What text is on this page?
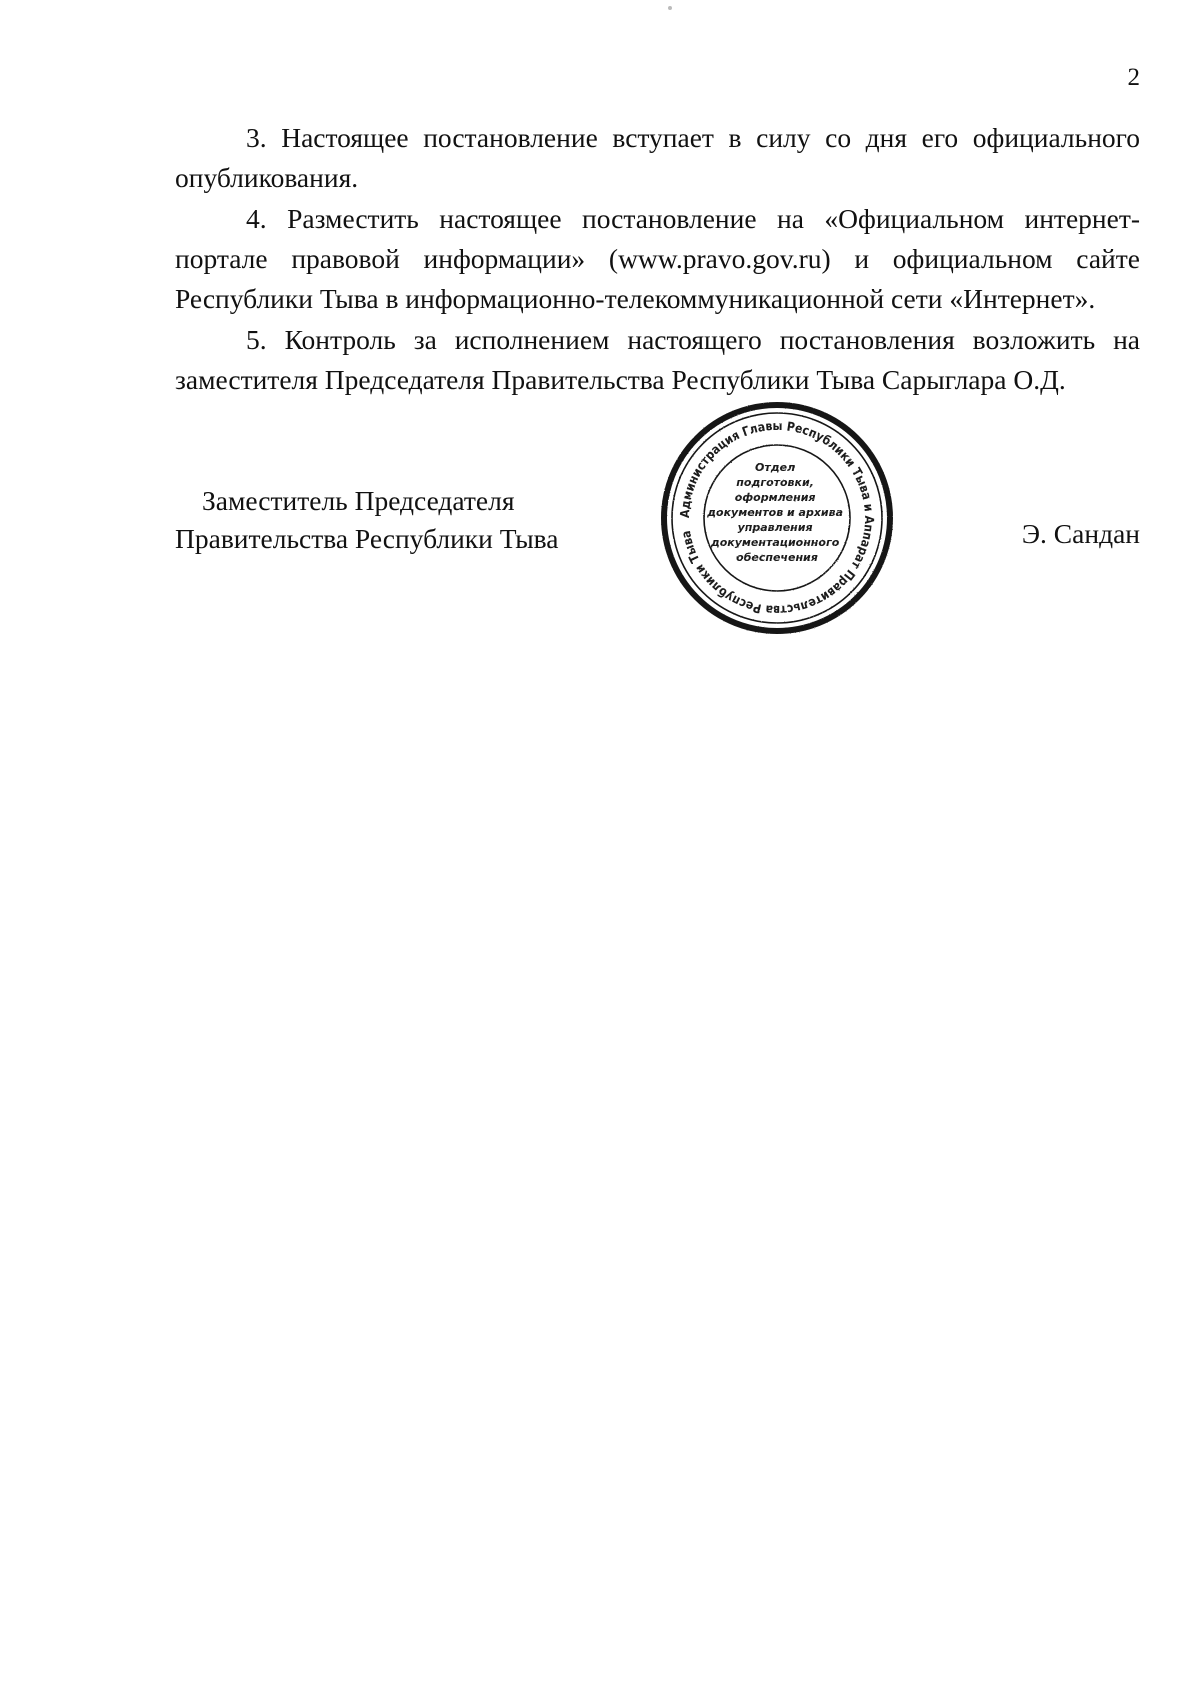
2

3. Настоящее постановление вступает в силу со дня его официального опубликования.

4. Разместить настоящее постановление на «Официальном интернет-портале правовой информации» (www.pravo.gov.ru) и официальном сайте Республики Тыва в информационно-телекоммуникационной сети «Интернет».

5. Контроль за исполнением настоящего постановления возложить на заместителя Председателя Правительства Республики Тыва Сарыглара О.Д.

Заместитель Председателя
Правительства Республики Тыва	Э. Сандан
Администрация Главы Республики Тыва и Аппарат Правительства Республики Тыва
Отдел подготовки, оформления документов и архива управления документационного обеспечения
